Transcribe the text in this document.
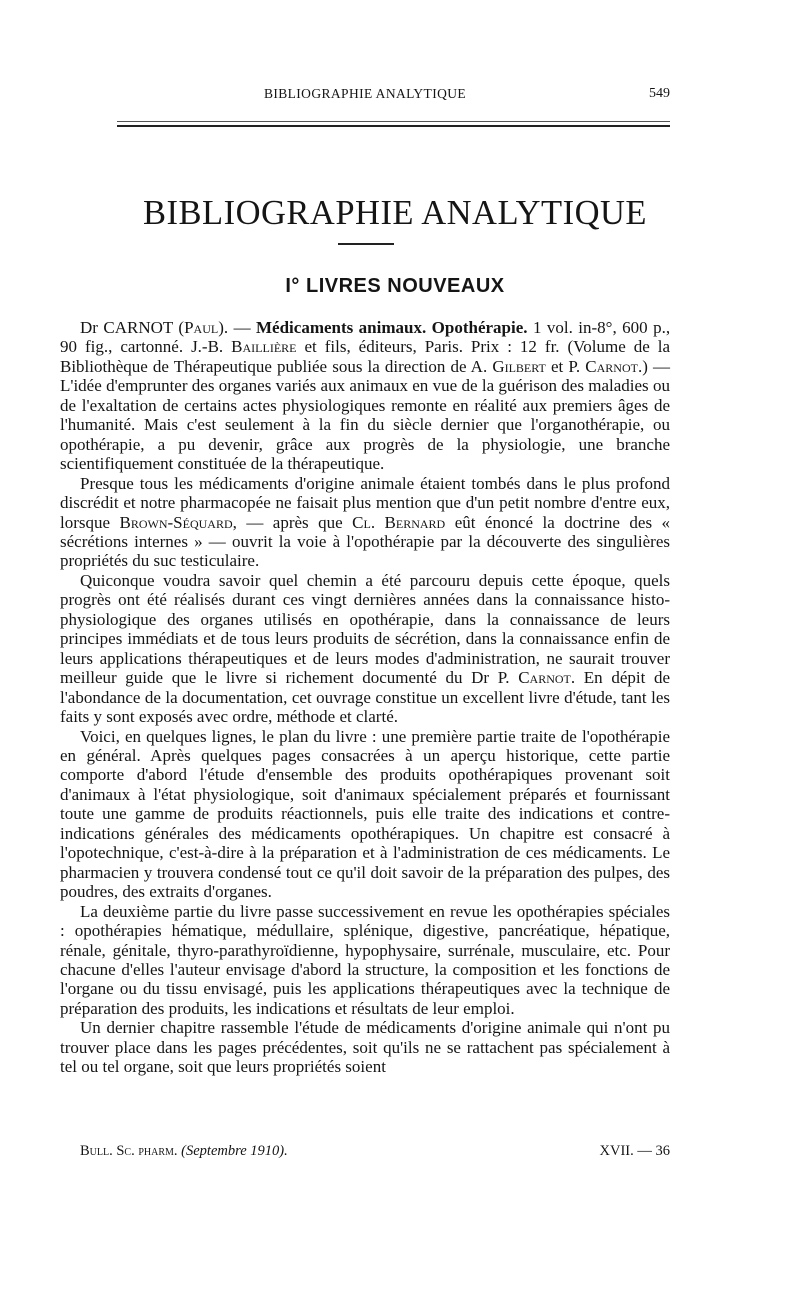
BIBLIOGRAPHIE ANALYTIQUE	549
BIBLIOGRAPHIE ANALYTIQUE
I° LIVRES NOUVEAUX

Dr CARNOT (Paul). — Médicaments animaux. Opothérapie. 1 vol. in-8°, 600 p., 90 fig., cartonné. J.-B. Baillière et fils, éditeurs, Paris. Prix : 12 fr. (Volume de la Bibliothèque de Thérapeutique publiée sous la direction de A. Gilbert et P. Carnot.) — L'idée d'emprunter des organes variés aux animaux en vue de la guérison des maladies ou de l'exaltation de certains actes physiologiques remonte en réalité aux premiers âges de l'humanité. Mais c'est seulement à la fin du siècle dernier que l'organothérapie, ou opothérapie, a pu devenir, grâce aux progrès de la physiologie, une branche scientifiquement constituée de la thérapeutique.

Presque tous les médicaments d'origine animale étaient tombés dans le plus profond discrédit et notre pharmacopée ne faisait plus mention que d'un petit nombre d'entre eux, lorsque Brown-Séquard, — après que Cl. Bernard eût énoncé la doctrine des « sécrétions internes » — ouvrit la voie à l'opothérapie par la découverte des singulières propriétés du suc testiculaire.

Quiconque voudra savoir quel chemin a été parcouru depuis cette époque, quels progrès ont été réalisés durant ces vingt dernières années dans la connaissance histo-physiologique des organes utilisés en opothérapie, dans la connaissance de leurs principes immédiats et de tous leurs produits de sécrétion, dans la connaissance enfin de leurs applications thérapeutiques et de leurs modes d'administration, ne saurait trouver meilleur guide que le livre si richement documenté du Dr P. Carnot. En dépit de l'abondance de la documentation, cet ouvrage constitue un excellent livre d'étude, tant les faits y sont exposés avec ordre, méthode et clarté.

Voici, en quelques lignes, le plan du livre : une première partie traite de l'opothérapie en général. Après quelques pages consacrées à un aperçu historique, cette partie comporte d'abord l'étude d'ensemble des produits opothérapiques provenant soit d'animaux à l'état physiologique, soit d'animaux spécialement préparés et fournissant toute une gamme de produits réactionnels, puis elle traite des indications et contre-indications générales des médicaments opothérapiques. Un chapitre est consacré à l'opotechnique, c'est-à-dire à la préparation et à l'administration de ces médicaments. Le pharmacien y trouvera condensé tout ce qu'il doit savoir de la préparation des pulpes, des poudres, des extraits d'organes.

La deuxième partie du livre passe successivement en revue les opothérapies spéciales : opothérapies hématique, médullaire, splénique, digestive, pancréatique, hépatique, rénale, génitale, thyro-parathyroïdienne, hypophysaire, surrénale, musculaire, etc. Pour chacune d'elles l'auteur envisage d'abord la structure, la composition et les fonctions de l'organe ou du tissu envisagé, puis les applications thérapeutiques avec la technique de préparation des produits, les indications et résultats de leur emploi.

Un dernier chapitre rassemble l'étude de médicaments d'origine animale qui n'ont pu trouver place dans les pages précédentes, soit qu'ils ne se rattachent pas spécialement à tel ou tel organe, soit que leurs propriétés soient

Bull. Sc. pharm. (Septembre 1910).	XVII. — 36
